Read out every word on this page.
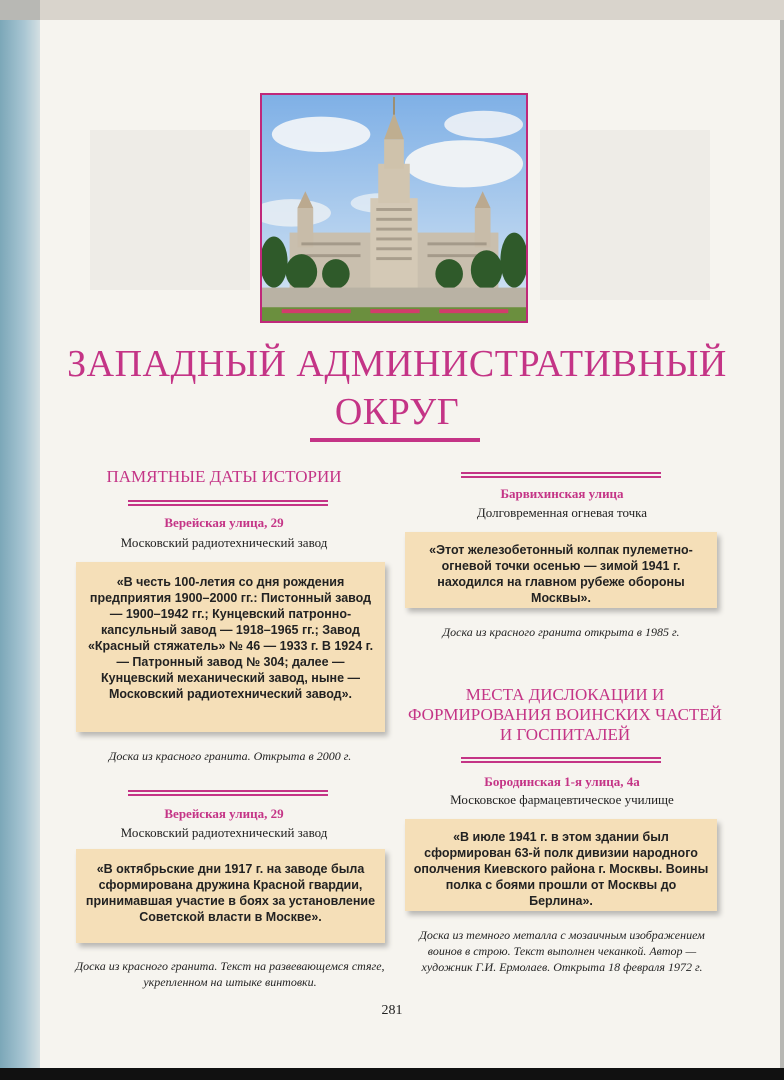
ЗАПАДНЫЙ АДМИНИСТРАТИВНЫЙ ОКРУГ
ПАМЯТНЫЕ ДАТЫ ИСТОРИИ
Верейская улица, 29
Московский радиотехнический завод
«В честь 100-летия со дня рождения предприятия 1900–2000 гг.: Пистонный завод — 1900–1942 гг.; Кунцевский патронно-капсульный завод — 1918–1965 гг.; Завод «Красный стяжатель» № 46 — 1933 г. В 1924 г. — Патронный завод № 304; далее — Кунцевский механический завод, ныне — Московский радиотехнический завод».
Доска из красного гранита. Открыта в 2000 г.
Верейская улица, 29
Московский радиотехнический завод
«В октябрьские дни 1917 г. на заводе была сформирована дружина Красной гвардии, принимавшая участие в боях за установление Советской власти в Москве».
Доска из красного гранита. Текст на развевающемся стяге, укрепленном на штыке винтовки.
Барвихинская улица
Долговременная огневая точка
«Этот железобетонный колпак пулеметно-огневой точки осенью — зимой 1941 г. находился на главном рубеже обороны Москвы».
Доска из красного гранита открыта в 1985 г.
МЕСТА ДИСЛОКАЦИИ И ФОРМИРОВАНИЯ ВОИНСКИХ ЧАСТЕЙ И ГОСПИТАЛЕЙ
Бородинская 1-я улица, 4а
Московское фармацевтическое училище
«В июле 1941 г. в этом здании был сформирован 63-й полк дивизии народного ополчения Киевского района г. Москвы. Воины полка с боями прошли от Москвы до Берлина».
Доска из темного металла с мозаичным изображением воинов в строю. Текст выполнен чеканкой. Автор — художник Г.И. Ермолаев. Открыта 18 февраля 1972 г.
281
